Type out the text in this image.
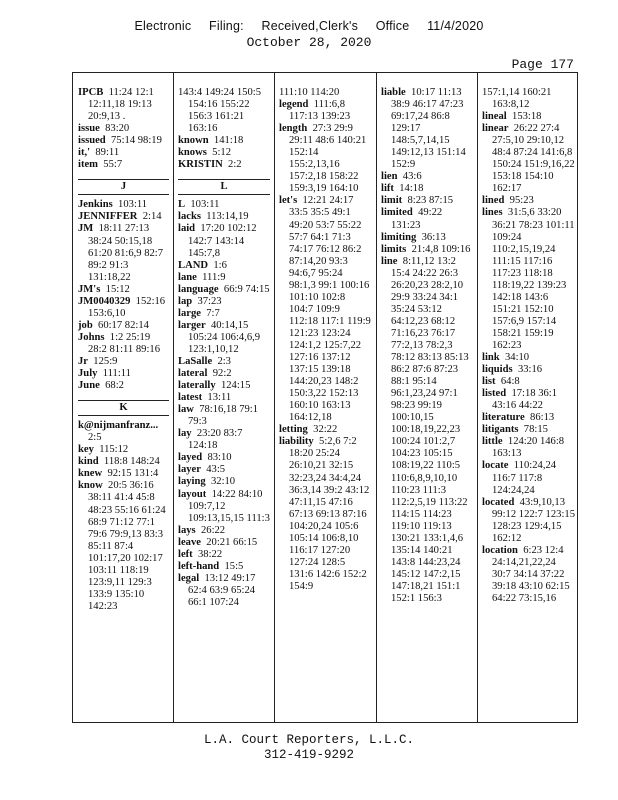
Electronic Filing: Received,Clerk's Office 11/4/2020
October 28, 2020
Page 177
IPCB 11:24 12:1 12:11,18 19:13 20:9,13 .
issue 83:20
issued 75:14 98:19
it,' 89:11
item 55:7
J
Jenkins 103:11
JENNIFFER 2:14
JM 18:11 27:13 38:24 50:15,18 61:20 81:6,9 82:7 89:2 91:3 131:18,22
JM's 15:12
JM0040329 152:16 153:6,10
job 60:17 82:14
Johns 1:2 25:19 28:2 81:11 89:16
Jr 125:9
July 111:11
June 68:2
K
k@nijmanfranz...  2:5
key 115:12
kind 118:8 148:24
knew 92:15 131:4
know 20:5 36:16 38:11 41:4 45:8 48:23 55:16 61:24 68:9 71:12 77:1 79:6 79:9,13 83:3 85:11 87:4 101:17,20 102:17 103:11 118:19 123:9,11 129:3 133:9 135:10 142:23
143:4 149:24 150:5 154:16 155:22 156:3 161:21 163:16
known 141:18
knows 5:12
KRISTIN 2:2
L
L 103:11
lacks 113:14,19
laid 17:20 102:12 142:7 143:14 145:7,8
LAND 1:6
lane 111:9
language 66:9 74:15
lap 37:23
large 7:7
larger 40:14,15 105:24 106:4,6,9 123:1,10,12
LaSalle 2:3
lateral 92:2
laterally 124:15
latest 13:11
law 78:16,18 79:1 79:3
lay 23:20 83:7 124:18
layed 83:10
layer 43:5
laying 32:10
layout 14:22 84:10 109:7,12 109:13,15,15 111:3
lays 26:22
leave 20:21 66:15
left 38:22
left-hand 15:5
legal 13:12 49:17 62:4 63:9 65:24 66:1 107:24
111:10 114:20
legend 111:6,8 117:13 139:23
length 27:3 29:9 29:11 48:6 140:21 152:14 155:2,13,16 157:2,18 158:22 159:3,19 164:10
let's 12:21 24:17 33:5 35:5 49:1 49:20 53:7 55:22 57:7 64:1 71:3 74:17 76:12 86:2 87:14,20 93:3 94:6,7 95:24 98:1,3 99:1 100:16 101:10 102:8 104:7 109:9 112:18 117:1 119:9 121:23 123:24 124:1,2 125:7,22 127:16 137:12 137:15 139:18 144:20,23 148:2 150:3,22 152:13 160:10 163:13 164:12,18
letting 32:22
liability 5:2,6 7:2 18:20 25:24 26:10,21 32:15 32:23,24 34:4,24 36:3,14 39:2 43:12 47:11,15 47:16 67:13 69:13 87:16 104:20,24 105:6 105:14 106:8,10 116:17 127:20 127:24 128:5 131:6 142:6 152:2 154:9
liable 10:17 11:13 38:9 46:17 47:23 69:17,24 86:8 129:17 148:5,7,14,15 149:12,13 151:14 152:9
lien 43:6
lift 14:18
limit 8:23 87:15
limited 49:22 131:23
limiting 36:13
limits 21:4,8 109:16
line 8:11,12 13:2 15:4 24:22 26:3 26:20,23 28:2,10 29:9 33:24 34:1 35:24 53:12 64:12,23 68:12 71:16,23 76:17 77:2,13 78:2,3 78:12 83:13 85:13 86:2 87:6 87:23 88:1 95:14 96:1,23,24 97:1 98:23 99:19 100:10,15 100:18,19,22,23 100:24 101:2,7 104:23 105:15 108:19,22 110:5 110:6,8,9,10,10 110:23 111:3 112:2,5,19 113:22 114:15 114:23 119:10 119:13 130:21 133:1,4,6 135:14 140:21 143:8 144:23,24 145:12 147:2,15 147:18,21 151:1 152:1 156:3
157:1,14 160:21 163:8,12
lineal 153:18
linear 26:22 27:4 27:5,10 29:10,12 48:4 87:24 141:6,8 150:24 151:9,16,22 153:18 154:10 162:17
lined 95:23
lines 31:5,6 33:20 36:21 78:23 101:11 109:24 110:2,15,19,24 111:15 117:16 117:23 118:18 118:19,22 139:23 142:18 143:6 151:21 152:10 157:6,9 157:14 158:21 159:19 162:23
link 34:10
liquids 33:16
list 64:8
listed 17:18 36:1 43:16 44:22
literature 86:13
litigants 78:15
little 124:20 146:8 163:13
locate 110:24,24 116:7 117:8 124:24,24
located 43:9,10,13 99:12 122:7 123:15 128:23 129:4,15 162:12
location 6:23 12:4 24:14,21,22,24 30:7 34:14 37:22 39:18 43:10 62:15 64:22 73:15,16
L.A. Court Reporters, L.L.C.
312-419-9292
